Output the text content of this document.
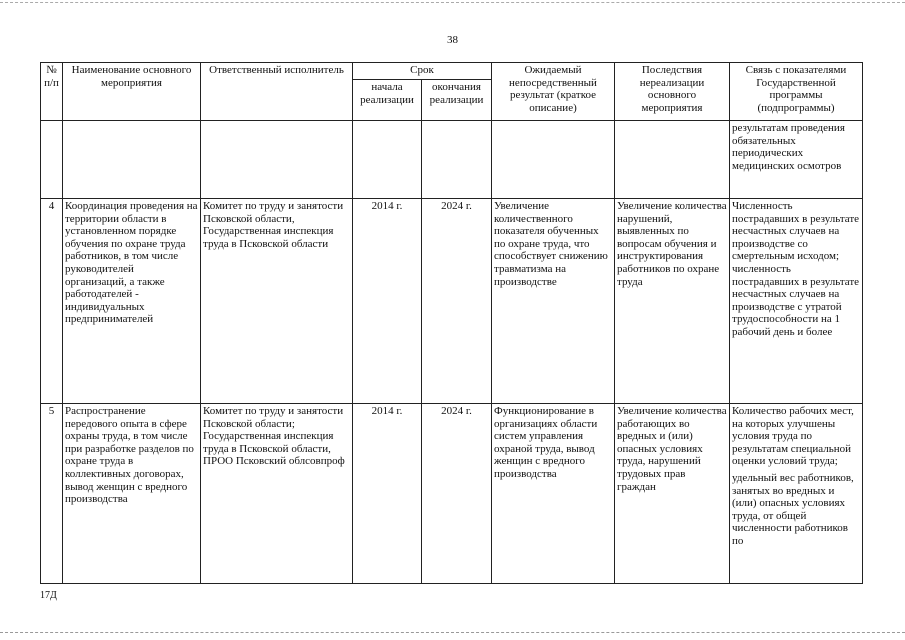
38
№ п/п	Наименование основного мероприятия	Ответственный исполнитель	Срок		Ожидаемый непосредственный результат (краткое описание)	Последствия нереализации основного мероприятия	Связь с показателями Государственной программы (подпрограммы)
			начала реализации	окончания реализации			

							результатам проведения обязательных периодических медицинских осмотров

4	Координация проведения на территории области в установленном порядке обучения по охране труда работников, в том числе руководителей организаций, а также работодателей - индивидуальных предпринимателей	Комитет по труду и занятости Псковской области, Государственная инспекция труда в Псковской области	2014 г.	2024 г.	Увеличение количественного показателя обученных по охране труда, что способствует снижению травматизма на производстве	Увеличение количества нарушений, выявленных по вопросам обучения и инструктирования работников по охране труда	Численность пострадавших в результате несчастных случаев на производстве со смертельным исходом; численность пострадавших в результате несчастных случаев на производстве с утратой трудоспособности на 1 рабочий день и более

5	Распространение передового опыта в сфере охраны труда, в том числе при разработке разделов по охране труда в коллективных договорах, вывод женщин с вредного производства	Комитет по труду и занятости Псковской области; Государственная инспекция труда в Псковской области, ПРОО Псковский облсовпроф	2014 г.	2024 г.	Функционирование в организациях области систем управления охраной труда, вывод женщин с вредного производства	Увеличение количества работающих во вредных и (или) опасных условиях труда, нарушений трудовых прав граждан	Количество рабочих мест, на которых улучшены условия труда по результатам специальной оценки условий труда;

удельный вес работников, занятых во вредных и (или) опасных условиях труда, от общей численности работников по

17Д
